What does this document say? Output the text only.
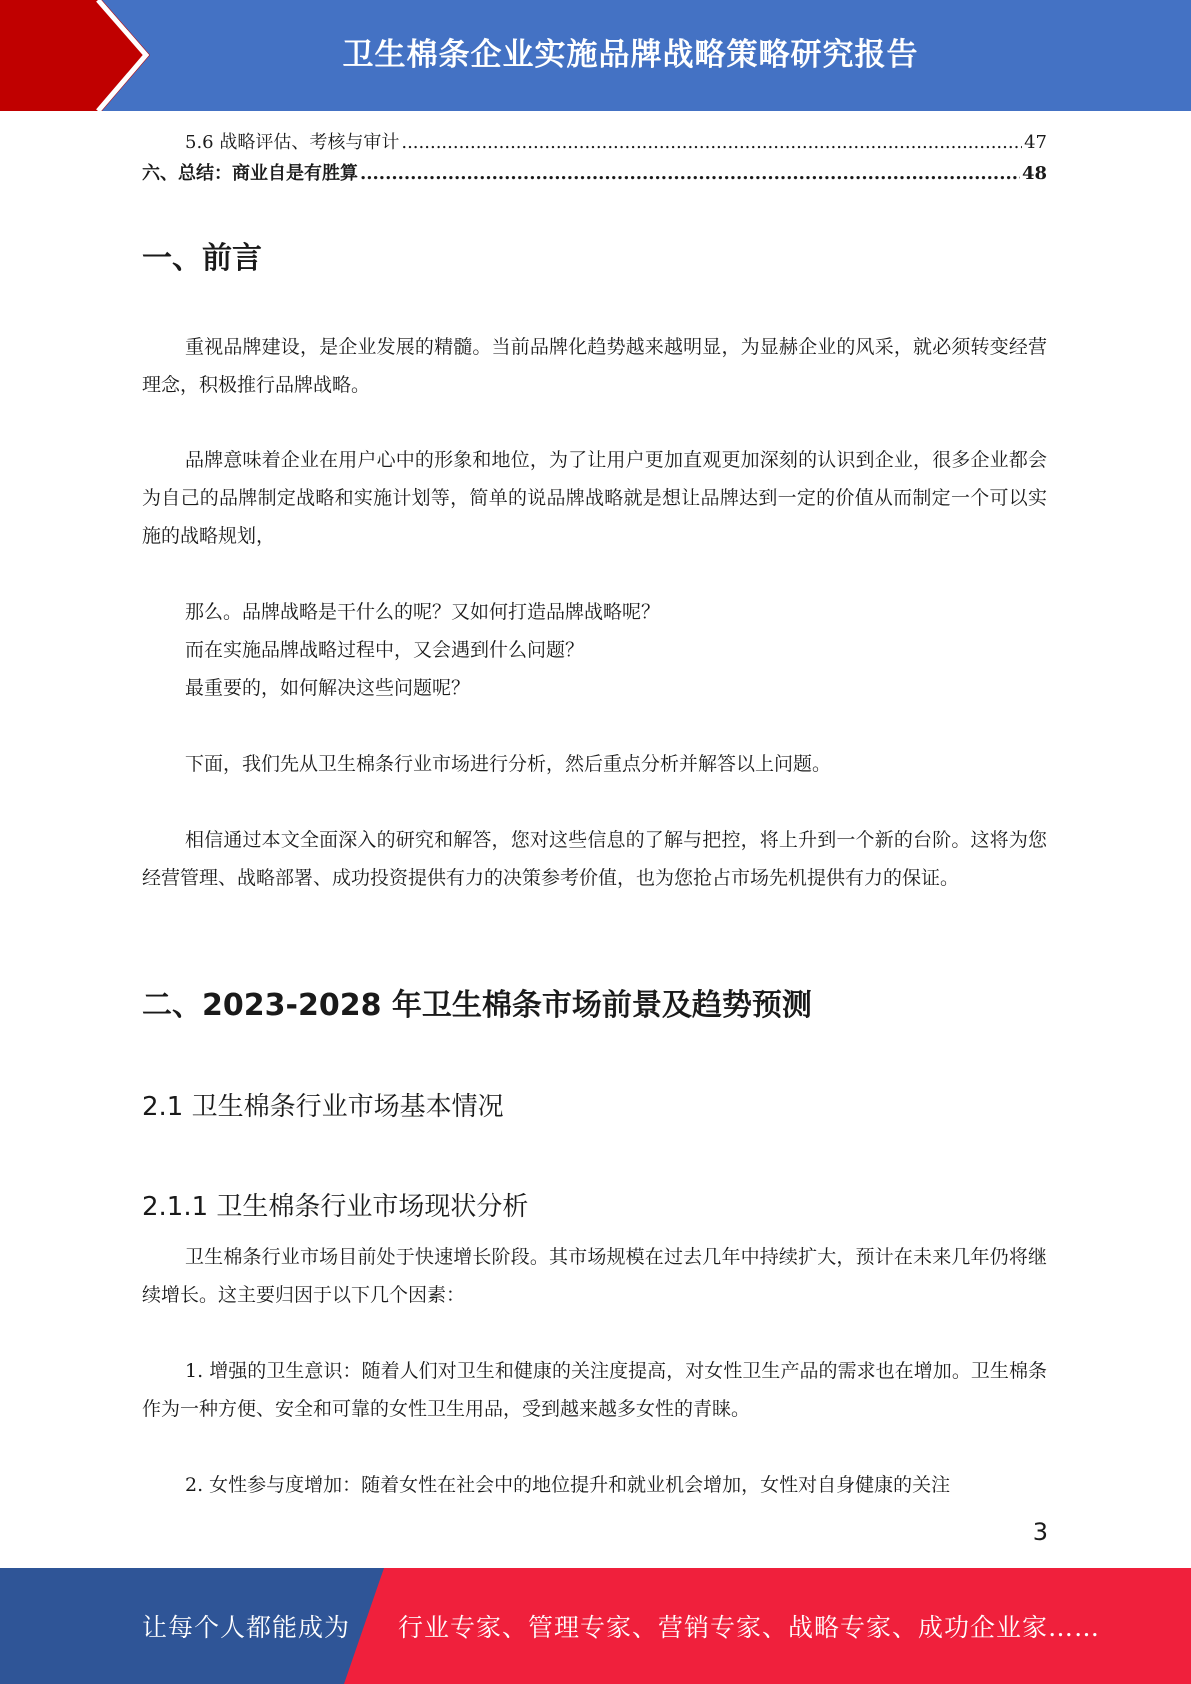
卫生棉条企业实施品牌战略策略研究报告
5.6 战略评估、考核与审计 .....	47
六、总结：商业自是有胜算 .....	48
一、前言

重视品牌建设，是企业发展的精髓。当前品牌化趋势越来越明显，为显赫企业的风采，就必须转变经营理念，积极推行品牌战略。

品牌意味着企业在用户心中的形象和地位，为了让用户更加直观更加深刻的认识到企业，很多企业都会为自己的品牌制定战略和实施计划等，简单的说品牌战略就是想让品牌达到一定的价值从而制定一个可以实施的战略规划，

那么。品牌战略是干什么的呢？又如何打造品牌战略呢？

而在实施品牌战略过程中，又会遇到什么问题？

最重要的，如何解决这些问题呢？

下面，我们先从卫生棉条行业市场进行分析，然后重点分析并解答以上问题。

相信通过本文全面深入的研究和解答，您对这些信息的了解与把控，将上升到一个新的台阶。这将为您经营管理、战略部署、成功投资提供有力的决策参考价值，也为您抢占市场先机提供有力的保证。

二、2023-2028 年卫生棉条市场前景及趋势预测
2.1 卫生棉条行业市场基本情况
2.1.1 卫生棉条行业市场现状分析

卫生棉条行业市场目前处于快速增长阶段。其市场规模在过去几年中持续扩大，预计在未来几年仍将继续增长。这主要归因于以下几个因素：

1. 增强的卫生意识：随着人们对卫生和健康的关注度提高，对女性卫生产品的需求也在增加。卫生棉条作为一种方便、安全和可靠的女性卫生用品，受到越来越多女性的青睐。

2. 女性参与度增加：随着女性在社会中的地位提升和就业机会增加，女性对自身健康的关注

3
让每个人都能成为 行业专家、管理专家、营销专家、战略专家、成功企业家……
